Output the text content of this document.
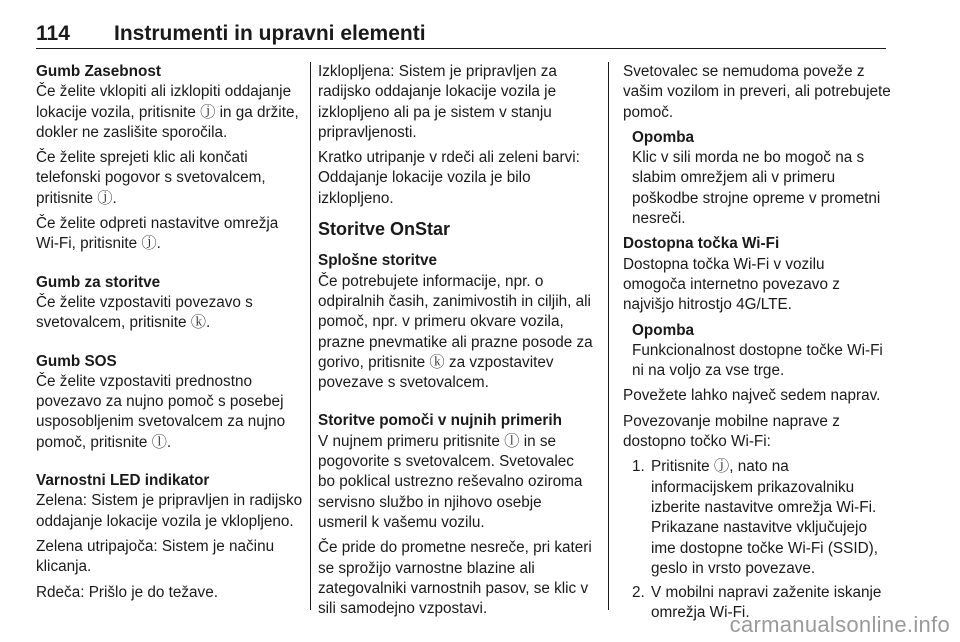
114	Instrumenti in upravni elementi

Gumb Zasebnost

Če želite vklopiti ali izklopiti oddajanje lokacije vozila, pritisnite ⓙ in ga držite, dokler ne zaslišite sporočila.

Če želite sprejeti klic ali končati telefonski pogovor s svetovalcem, pritisnite ⓙ.

Če želite odpreti nastavitve omrežja Wi-Fi, pritisnite ⓙ.

Gumb za storitve

Če želite vzpostaviti povezavo s svetovalcem, pritisnite ⓚ.

Gumb SOS

Če želite vzpostaviti prednostno povezavo za nujno pomoč s posebej usposobljenim svetovalcem za nujno pomoč, pritisnite ⓛ.

Varnostni LED indikator

Zelena: Sistem je pripravljen in radijsko oddajanje lokacije vozila je vklopljeno.

Zelena utripajoča: Sistem je načinu klicanja.

Rdeča: Prišlo je do težave.

Izklopljena: Sistem je pripravljen za radijsko oddajanje lokacije vozila je izklopljeno ali pa je sistem v stanju pripravljenosti.

Kratko utripanje v rdeči ali zeleni barvi: Oddajanje lokacije vozila je bilo izklopljeno.

Storitve OnStar

Splošne storitve

Če potrebujete informacije, npr. o odpiralnih časih, zanimivostih in ciljih, ali pomoč, npr. v primeru okvare vozila, prazne pnevmatike ali prazne posode za gorivo, pritisnite ⓚ za vzpostavitev povezave s svetovalcem.

Storitve pomoči v nujnih primerih

V nujnem primeru pritisnite ⓛ in se pogovorite s svetovalcem. Svetovalec bo poklical ustrezno reševalno oziroma servisno službo in njihovo osebje usmeril k vašemu vozilu.

Če pride do prometne nesreče, pri kateri se sprožijo varnostne blazine ali zategovalniki varnostnih pasov, se klic v sili samodejno vzpostavi.

Svetovalec se nemudoma poveže z vašim vozilom in preveri, ali potrebujete pomoč.

Opomba

Klic v sili morda ne bo mogoč na s slabim omrežjem ali v primeru poškodbe strojne opreme v prometni nesreči.

Dostopna točka Wi-Fi

Dostopna točka Wi-Fi v vozilu omogoča internetno povezavo z najvišjo hitrostjo 4G/LTE.

Opomba

Funkcionalnost dostopne točke Wi-Fi ni na voljo za vse trge.

Povežete lahko največ sedem naprav.

Povezovanje mobilne naprave z dostopno točko Wi-Fi:

1. Pritisnite ⓙ, nato na informacijskem prikazovalniku izberite nastavitve omrežja Wi-Fi. Prikazane nastavitve vključujejo ime dostopne točke Wi-Fi (SSID), geslo in vrsto povezave.
2. V mobilni napravi zaženite iskanje omrežja Wi-Fi.
carmanualsonline.info
